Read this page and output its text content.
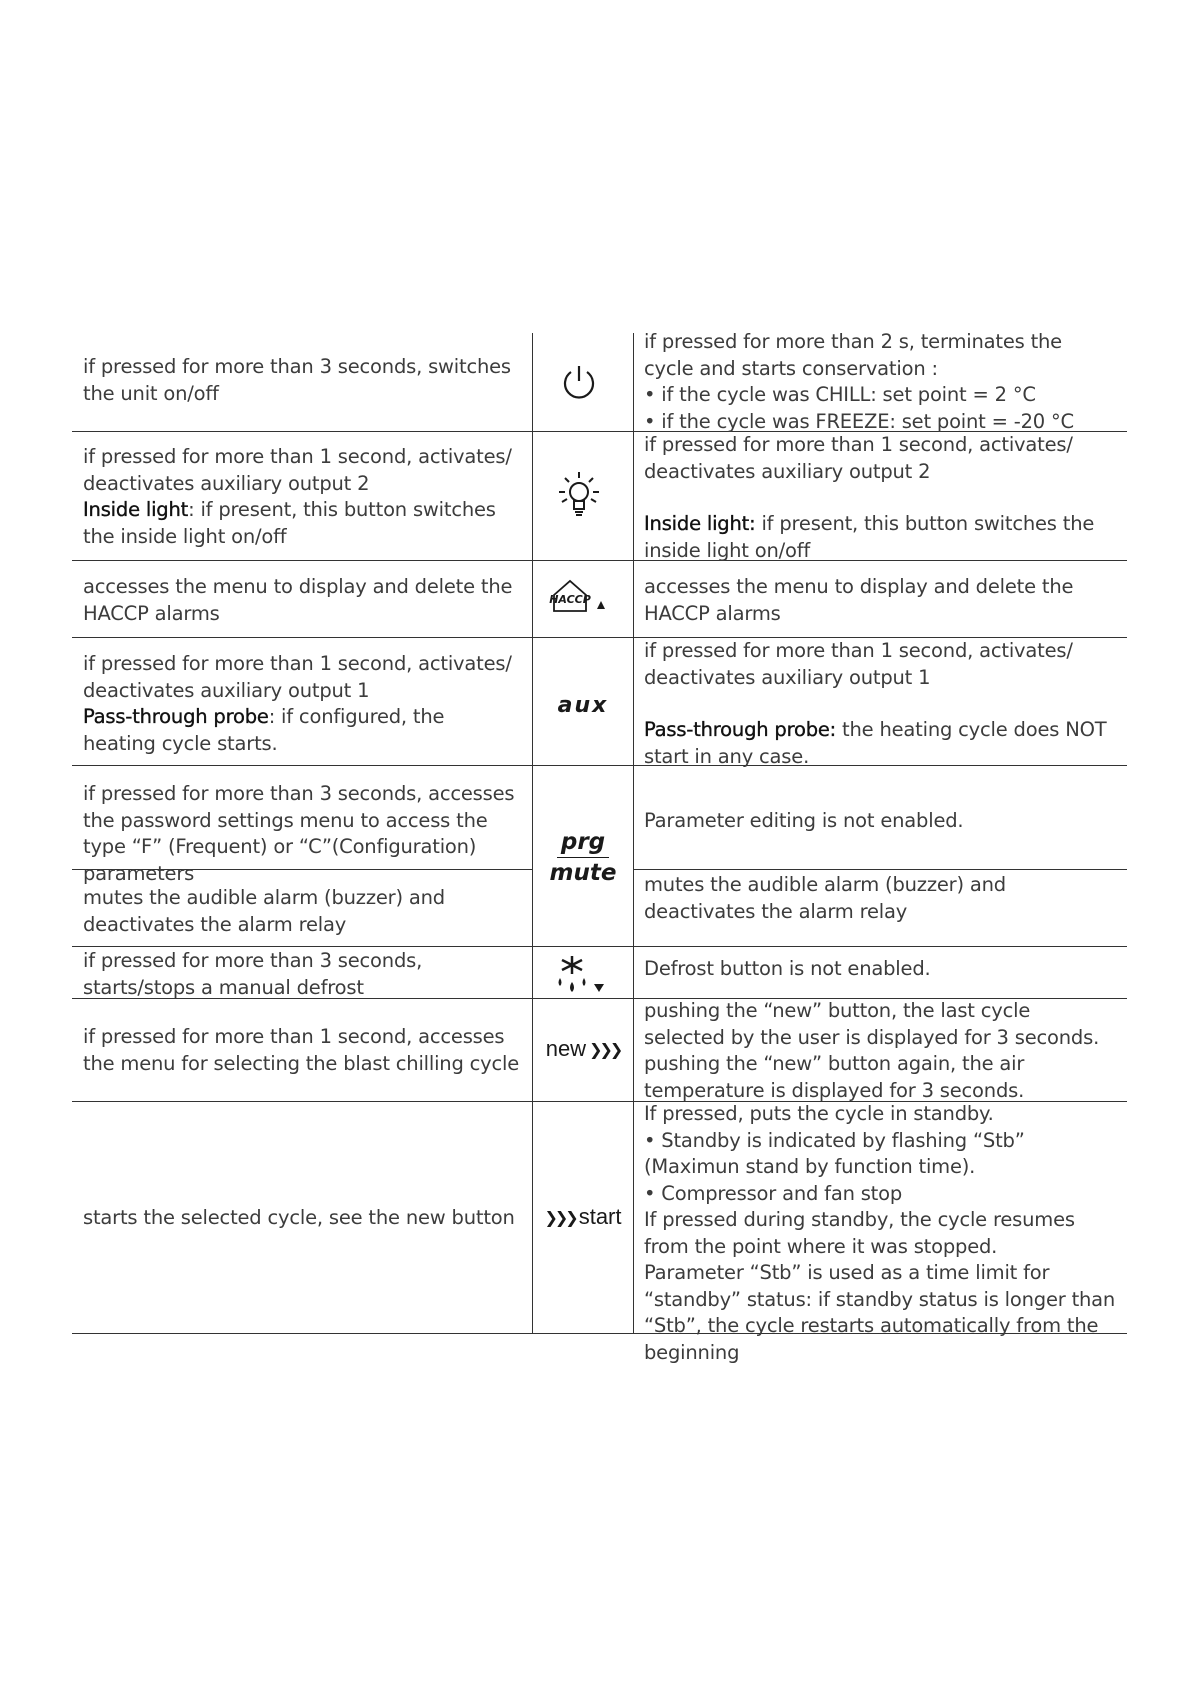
if pressed for more than 3 seconds, switches the unit on/off
if pressed for more than 2 s, terminates the cycle and starts conservation :
• if the cycle was CHILL: set point = 2 °C
• if the cycle was FREEZE: set point = -20 °C
if pressed for more than 1 second, activates/ deactivates auxiliary output 2
Inside light: if present, this button switches the inside light on/off
if pressed for more than 1 second, activates/ deactivates auxiliary output 2
Inside light: if present, this button switches the inside light on/off
accesses the menu to display and delete the HACCP alarms
HACCP
accesses the menu to display and delete the HACCP alarms
if pressed for more than 1 second, activates/ deactivates auxiliary output 1
Pass-through probe: if configured, the heating cycle starts.
aux
if pressed for more than 1 second, activates/ deactivates auxiliary output 1
Pass-through probe: the heating cycle does NOT start in any case.
if pressed for more than 3 seconds, accesses the password settings menu to access the type “F” (Frequent) or “C”(Configuration) parameters
prg
mute
Parameter editing is not enabled.
mutes the audible alarm (buzzer) and deactivates the alarm relay
mutes the audible alarm (buzzer) and deactivates the alarm relay
if pressed for more than 3 seconds, starts/stops a manual defrost
Defrost button is not enabled.
if pressed for more than 1 second, accesses the menu for selecting the blast chilling cycle
new ❯❯❯
pushing the “new” button, the last cycle selected by the user is displayed for 3 seconds.
pushing the “new” button again, the air temperature is displayed for 3 seconds.
starts the selected cycle, see the new button	❯❯❯ start
If pressed, puts the cycle in standby.
• Standby is indicated by flashing “Stb” (Maximun stand by function time).
• Compressor and fan stop
If pressed during standby, the cycle resumes from the point where it was stopped.
Parameter “Stb” is used as a time limit for “standby” status: if standby status is longer than “Stb”, the cycle restarts automatically from the beginning
